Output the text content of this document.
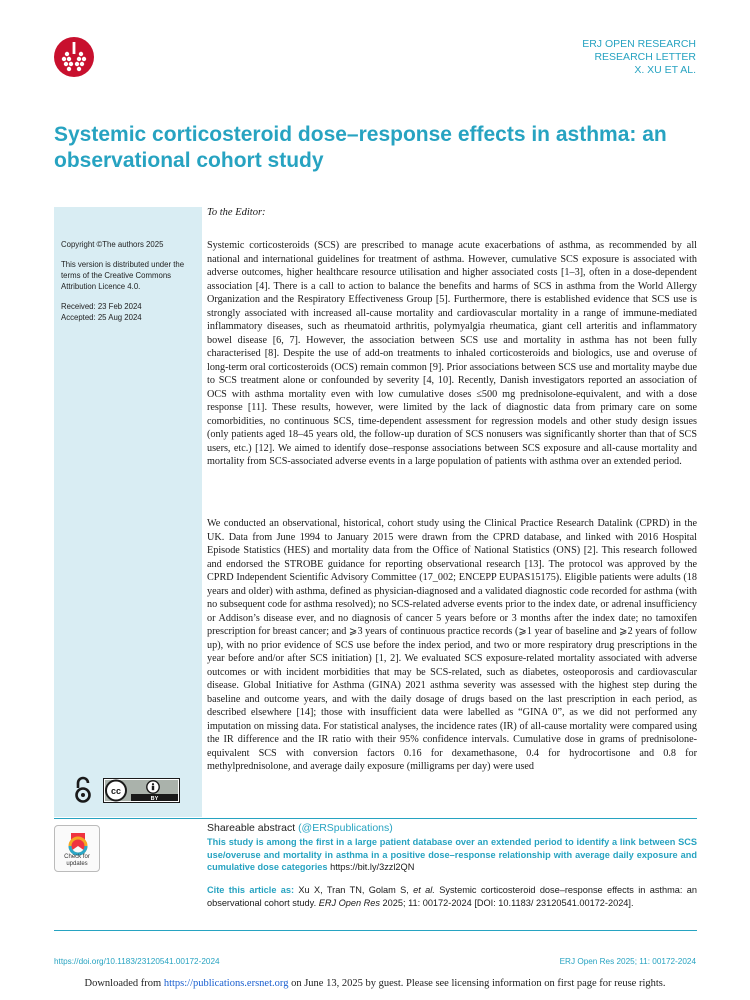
ERJ OPEN RESEARCH
RESEARCH LETTER
X. XU ET AL.
Systemic corticosteroid dose–response effects in asthma: an observational cohort study

Copyright ©The authors 2025

This version is distributed under the terms of the Creative Commons Attribution Licence 4.0.

Received: 23 Feb 2024
Accepted: 25 Aug 2024
cc
BY
To the Editor:

Systemic corticosteroids (SCS) are prescribed to manage acute exacerbations of asthma, as recommended by all national and international guidelines for treatment of asthma. However, cumulative SCS exposure is associated with adverse outcomes, higher healthcare resource utilisation and higher associated costs [1–3], often in a dose-dependent association [4]. There is a call to action to balance the benefits and harms of SCS in asthma from the World Allergy Organization and the Respiratory Effectiveness Group [5]. Furthermore, there is established evidence that SCS use is strongly associated with increased all-cause mortality and cardiovascular mortality in a range of immune-mediated inflammatory diseases, such as rheumatoid arthritis, polymyalgia rheumatica, giant cell arteritis and inflammatory bowel disease [6, 7]. However, the association between SCS use and mortality in asthma has not been fully characterised [8]. Despite the use of add-on treatments to inhaled corticosteroids and biologics, use and overuse of long-term oral corticosteroids (OCS) remain common [9]. Prior associations between SCS use and mortality maybe due to SCS treatment alone or confounded by severity [4, 10]. Recently, Danish investigators reported an association of OCS with asthma mortality even with low cumulative doses ≤500 mg prednisolone-equivalent, and with a dose response [11]. These results, however, were limited by the lack of diagnostic data from primary care on some comorbidities, no continuous SCS, time-dependent assessment for regression models and other study design issues (only patients aged 18–45 years old, the follow-up duration of SCS nonusers was significantly shorter than that of SCS users, etc.) [12]. We aimed to identify dose–response associations between SCS exposure and all-cause mortality and mortality from SCS-associated adverse events in a large population of patients with asthma over an extended period.

We conducted an observational, historical, cohort study using the Clinical Practice Research Datalink (CPRD) in the UK. Data from June 1994 to January 2015 were drawn from the CPRD database, and linked with 2016 Hospital Episode Statistics (HES) and mortality data from the Office of National Statistics (ONS) [2]. This research followed and endorsed the STROBE guidance for reporting observational research [13]. The protocol was approved by the CPRD Independent Scientific Advisory Committee (17_002; ENCEPP EUPAS15175). Eligible patients were adults (18 years and older) with asthma, defined as physician-diagnosed and a validated diagnostic code recorded for asthma (with no subsequent code for asthma resolved); no SCS-related adverse events prior to the index date, or adrenal insufficiency or Addison’s disease ever, and no diagnosis of cancer 5 years before or 3 months after the index date; no tamoxifen prescription for breast cancer; and ⩾3 years of continuous practice records (⩾1 year of baseline and ⩾2 years of follow up), with no prior evidence of SCS use before the index period, and two or more respiratory drug prescriptions in the year before and/or after SCS initiation) [1, 2]. We evaluated SCS exposure-related mortality associated with adverse outcomes or with incident morbidities that may be SCS-related, such as diabetes, osteoporosis and cardiovascular disease. Global Initiative for Asthma (GINA) 2021 asthma severity was assessed with the highest step during the baseline and outcome years, and with the daily dosage of drugs based on the last prescription in each period, as described elsewhere [14]; those with insufficient data were labelled as “GINA 0”, as we did not performed any imputation on missing data. For statistical analyses, the incidence rates (IR) of all-cause mortality were compared using the IR difference and the IR ratio with their 95% confidence intervals. Cumulative dose in grams of prednisolone-equivalent SCS with conversion factors 0.16 for dexamethasone, 0.4 for hydrocortisone and 0.8 for methylprednisolone, and average daily exposure (milligrams per day) were used

Check for
updates
Shareable abstract (@ERSpublications)
This study is among the first in a large patient database over an extended period to identify a link between SCS use/overuse and mortality in asthma in a positive dose–response relationship with average daily exposure and cumulative dose categories https://bit.ly/3zzl2QN
Cite this article as: Xu X, Tran TN, Golam S, et al. Systemic corticosteroid dose–response effects in asthma: an observational cohort study. ERJ Open Res 2025; 11: 00172-2024 [DOI: 10.1183/ 23120541.00172-2024].
https://doi.org/10.1183/23120541.00172-2024	ERJ Open Res 2025; 11: 00172-2024
Downloaded from https://publications.ersnet.org on June 13, 2025 by guest. Please see licensing information on first page for reuse rights.
